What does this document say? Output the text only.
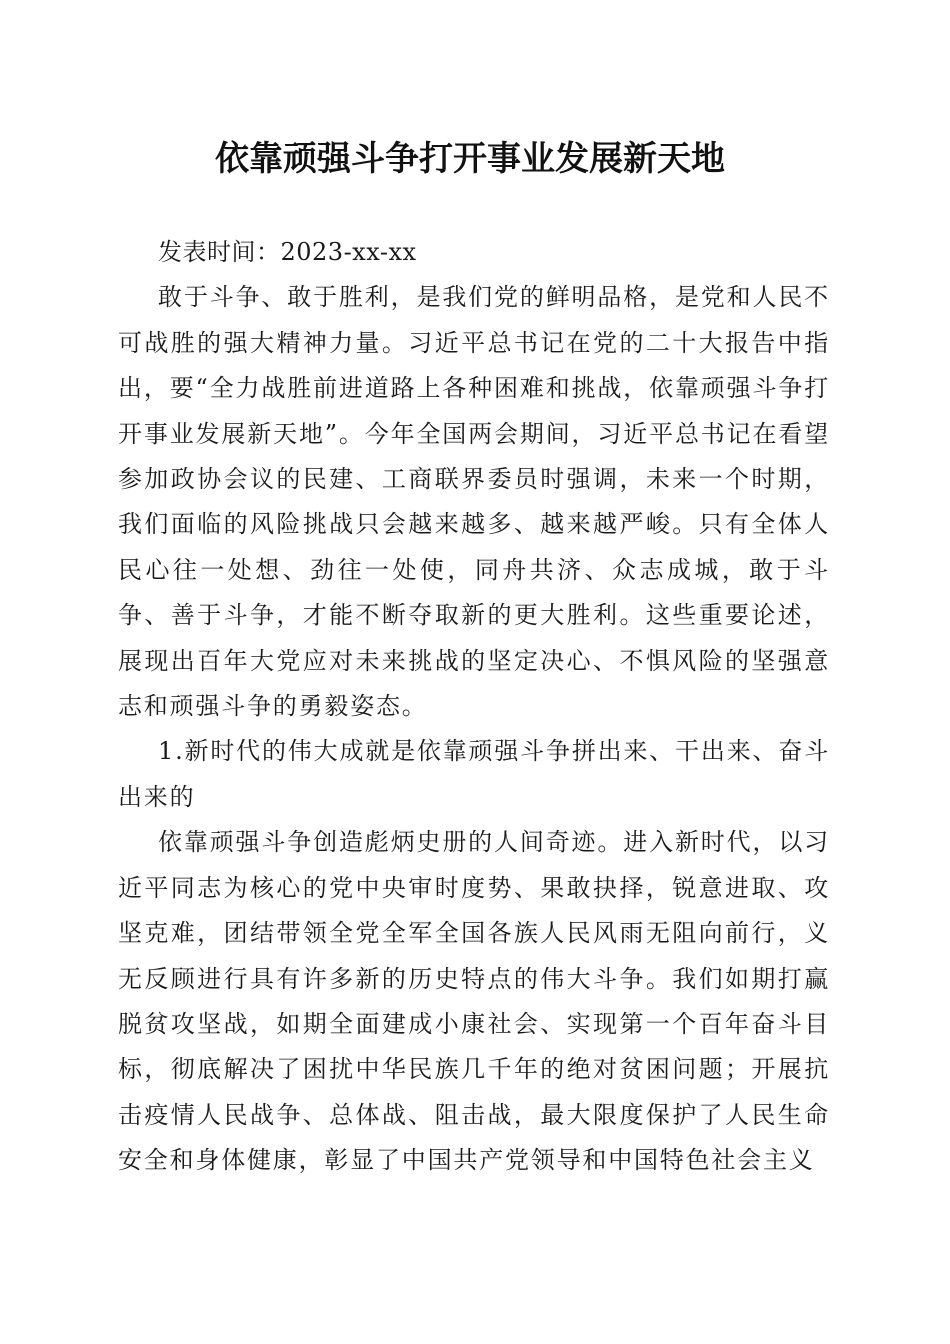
依靠顽强斗争打开事业发展新天地

发表时间：2023-xx-xx

敢于斗争、敢于胜利，是我们党的鲜明品格，是党和人民不可战胜的强大精神力量。习近平总书记在党的二十大报告中指出，要“全力战胜前进道路上各种困难和挑战，依靠顽强斗争打开事业发展新天地”。今年全国两会期间，习近平总书记在看望参加政协会议的民建、工商联界委员时强调，未来一个时期，我们面临的风险挑战只会越来越多、越来越严峻。只有全体人民心往一处想、劲往一处使，同舟共济、众志成城，敢于斗争、善于斗争，才能不断夺取新的更大胜利。这些重要论述，展现出百年大党应对未来挑战的坚定决心、不惧风险的坚强意志和顽强斗争的勇毅姿态。

1.新时代的伟大成就是依靠顽强斗争拼出来、干出来、奋斗出来的

依靠顽强斗争创造彪炳史册的人间奇迹。进入新时代，以习近平同志为核心的党中央审时度势、果敢抉择，锐意进取、攻坚克难，团结带领全党全军全国各族人民风雨无阻向前行，义无反顾进行具有许多新的历史特点的伟大斗争。我们如期打赢脱贫攻坚战，如期全面建成小康社会、实现第一个百年奋斗目标，彻底解决了困扰中华民族几千年的绝对贫困问题；开展抗击疫情人民战争、总体战、阻击战，最大限度保护了人民生命安全和身体健康，彰显了中国共产党领导和中国特色社会主义
